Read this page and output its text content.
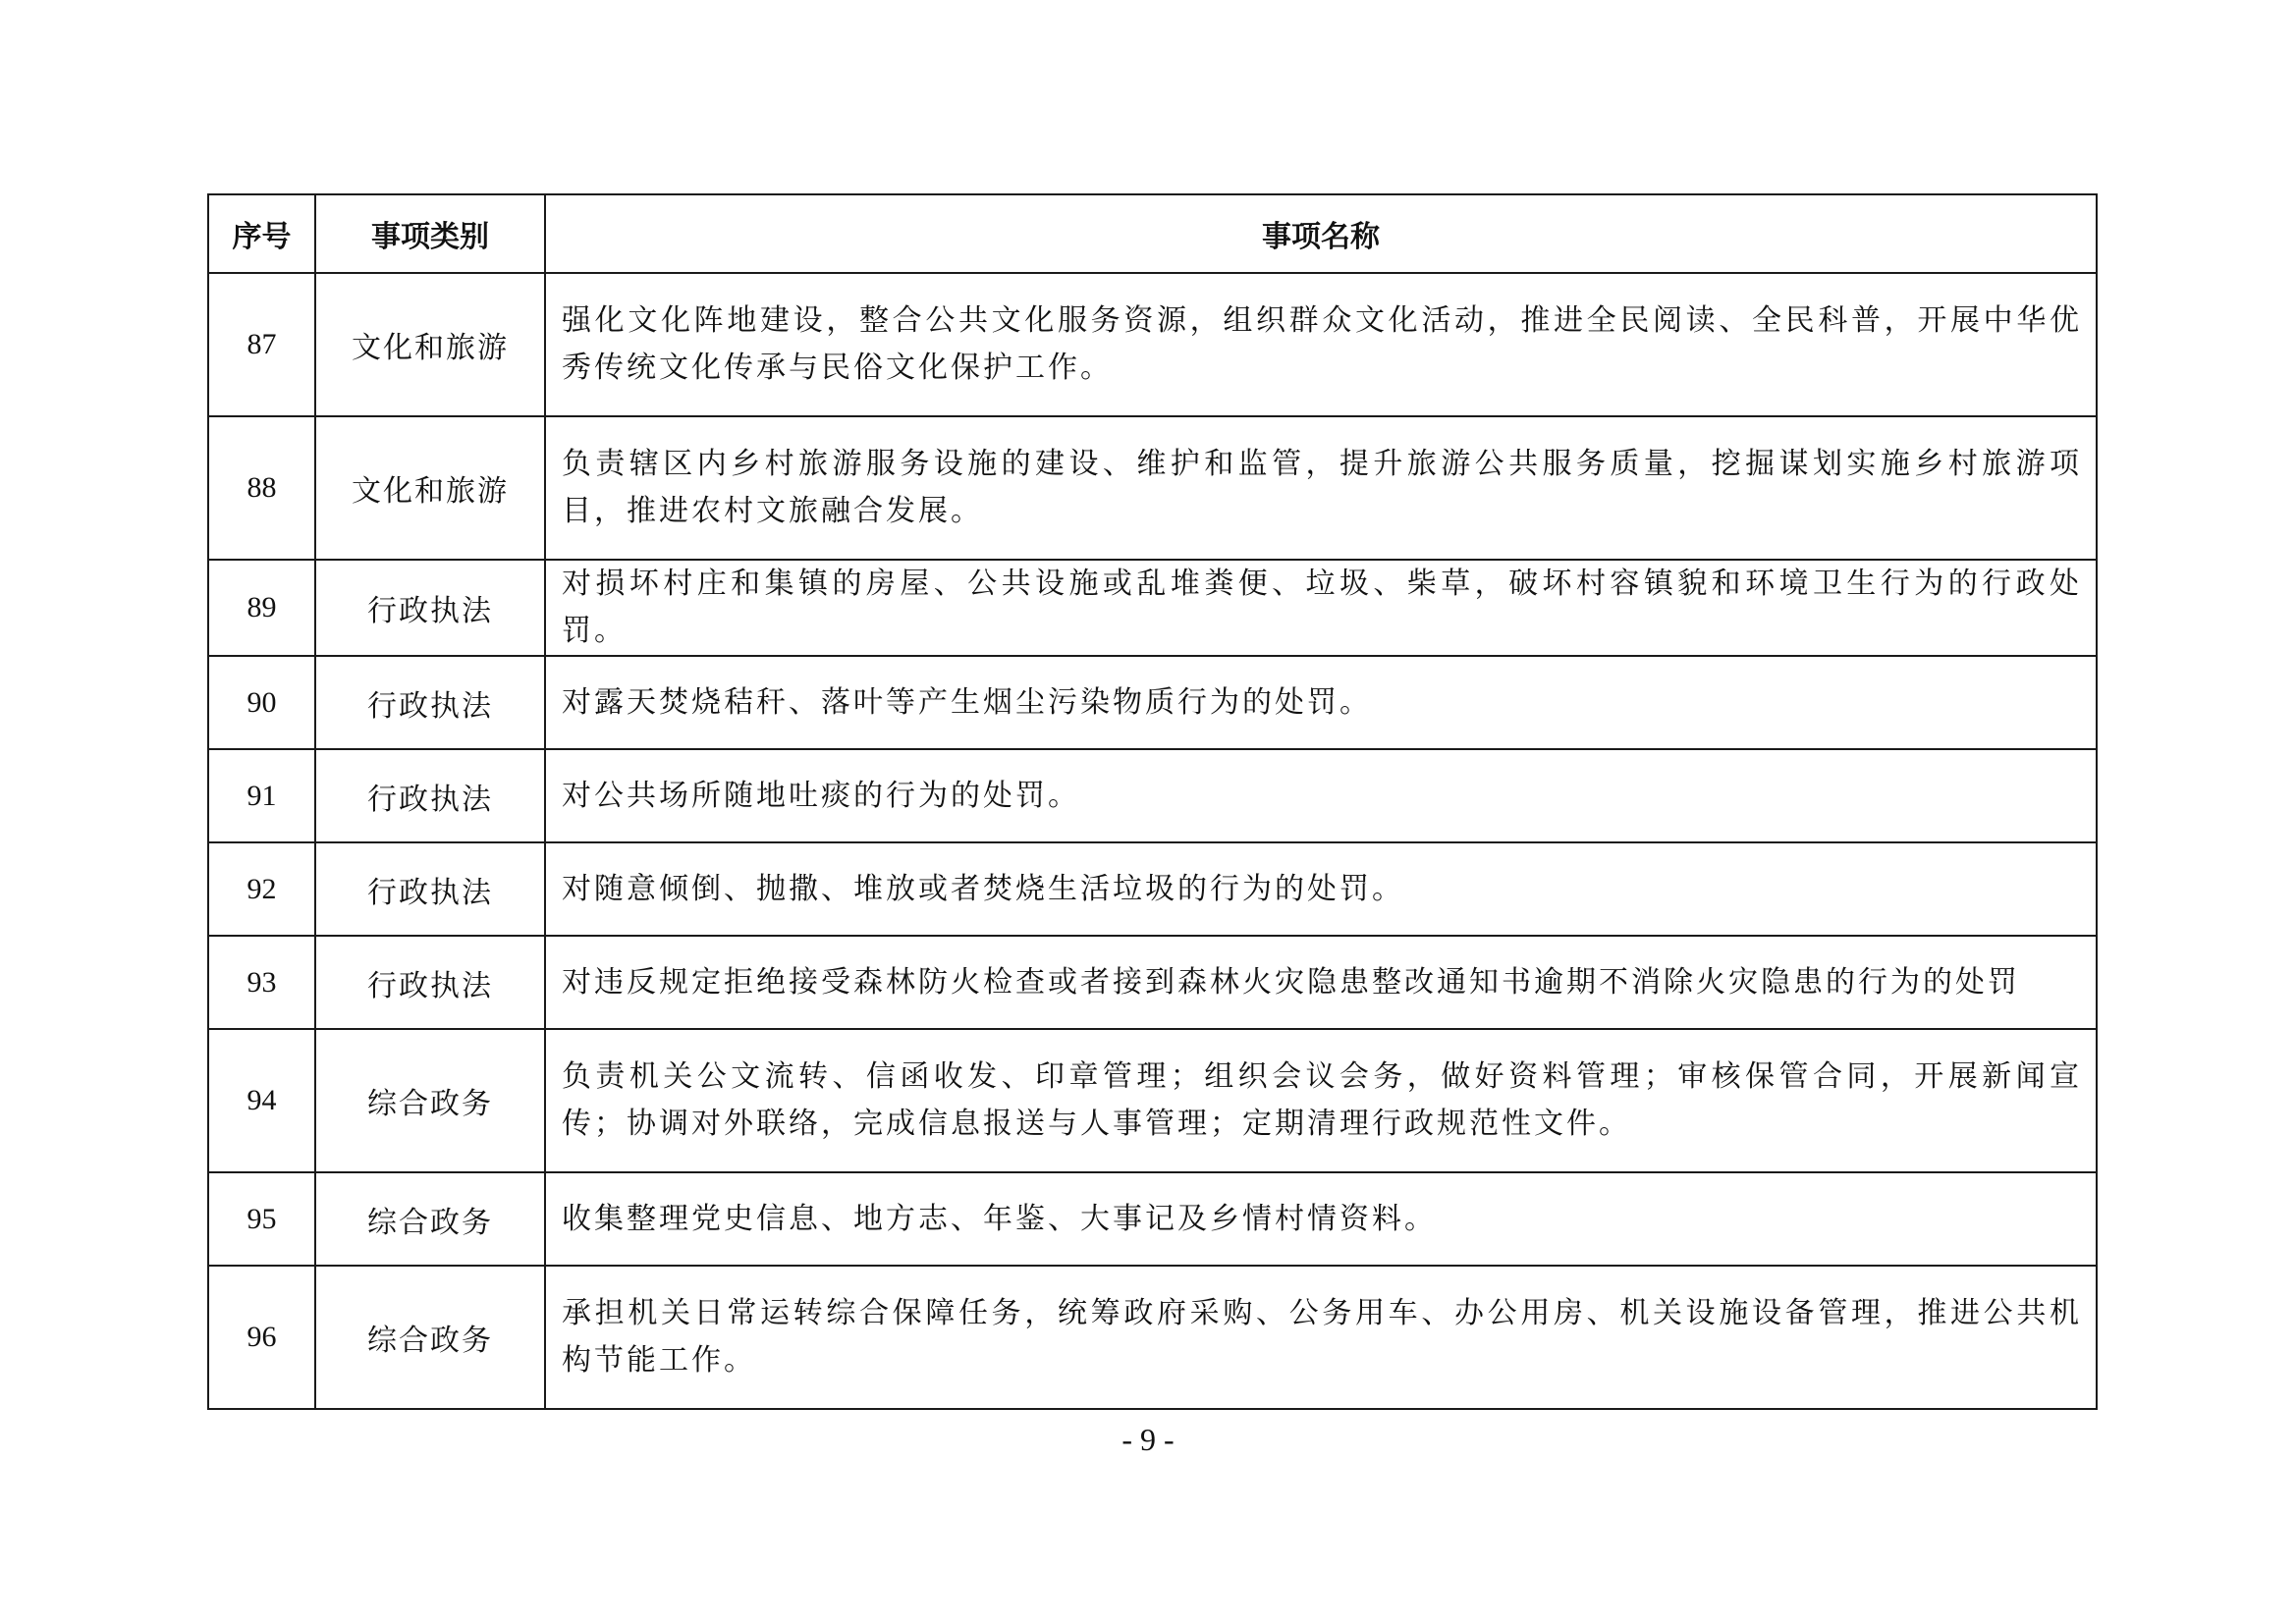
序号	事项类别	事项名称
87	文化和旅游	强化文化阵地建设，整合公共文化服务资源，组织群众文化活动，推进全民阅读、全民科普，开展中华优秀传统文化传承与民俗文化保护工作。
88	文化和旅游	负责辖区内乡村旅游服务设施的建设、维护和监管，提升旅游公共服务质量，挖掘谋划实施乡村旅游项目，推进农村文旅融合发展。
89	行政执法	对损坏村庄和集镇的房屋、公共设施或乱堆粪便、垃圾、柴草，破坏村容镇貌和环境卫生行为的行政处罚。
90	行政执法	对露天焚烧秸秆、落叶等产生烟尘污染物质行为的处罚。
91	行政执法	对公共场所随地吐痰的行为的处罚。
92	行政执法	对随意倾倒、抛撒、堆放或者焚烧生活垃圾的行为的处罚。
93	行政执法	对违反规定拒绝接受森林防火检查或者接到森林火灾隐患整改通知书逾期不消除火灾隐患的行为的处罚
94	综合政务	负责机关公文流转、信函收发、印章管理；组织会议会务，做好资料管理；审核保管合同，开展新闻宣传；协调对外联络，完成信息报送与人事管理；定期清理行政规范性文件。
95	综合政务	收集整理党史信息、地方志、年鉴、大事记及乡情村情资料。
96	综合政务	承担机关日常运转综合保障任务，统筹政府采购、公务用车、办公用房、机关设施设备管理，推进公共机构节能工作。
- 9 -
